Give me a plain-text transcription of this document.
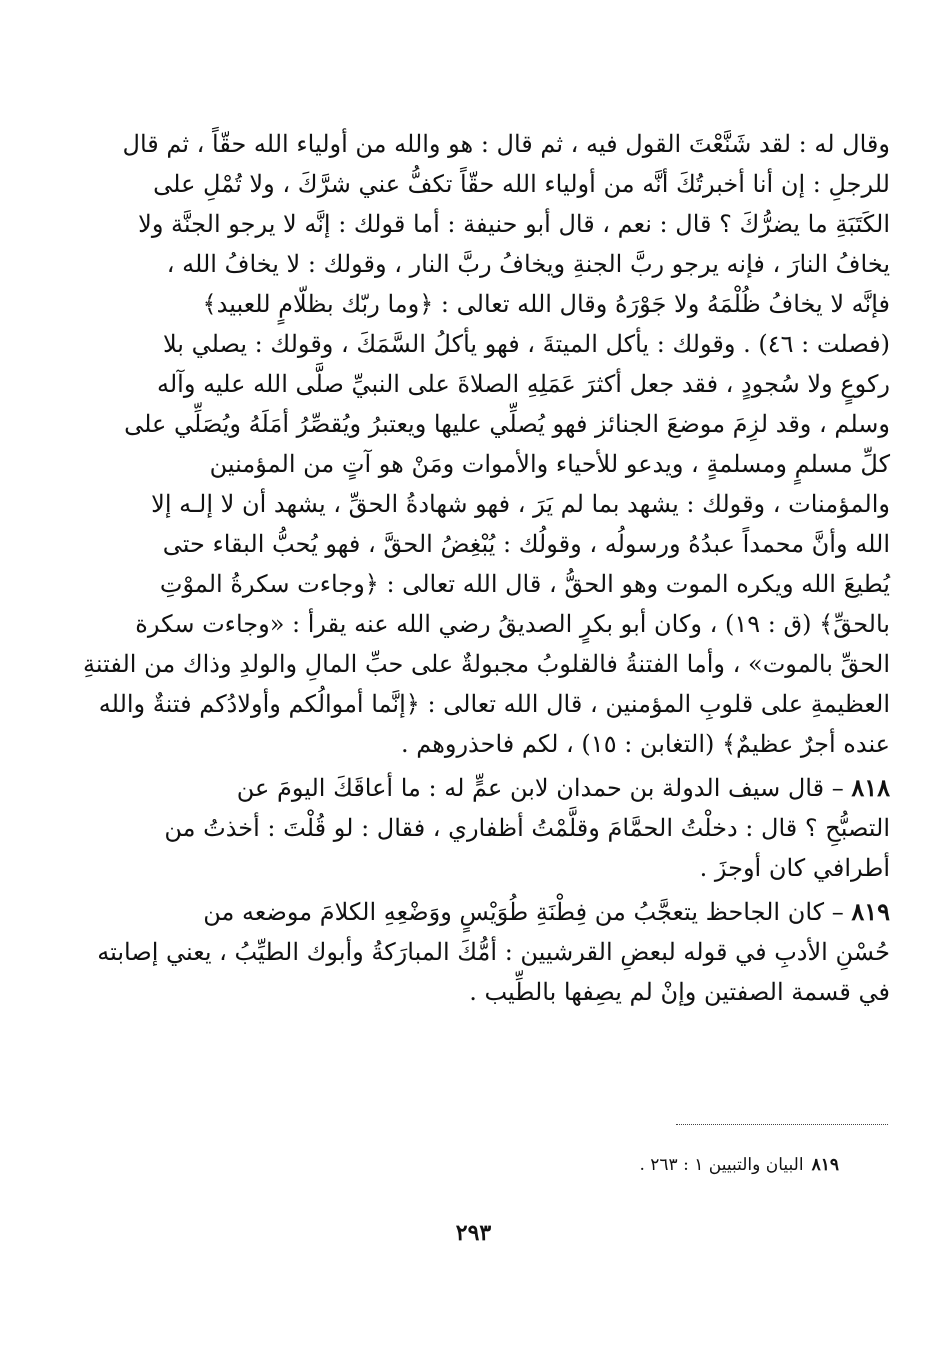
وقال له : لقد شَنَّعْتَ القول فيه ، ثم قال : هو والله من أولياء الله حقّاً ، ثم قال
للرجلِ : إن أنا أخبرتُكَ أنَّه من أولياء الله حقّاً تكفُّ عني شرَّكَ ، ولا تُمْلِ على
الكَتَبَةِ ما يضرُّكَ ؟ قال : نعم ، قال أبو حنيفة : أما قولك : إنَّه لا يرجو الجنَّة ولا
يخافُ النارَ ، فإنه يرجو ربَّ الجنةِ ويخافُ ربَّ النار ، وقولك : لا يخافُ الله ،
فإنَّه لا يخافُ ظُلْمَهُ ولا جَوْرَهُ وقال الله تعالى : ﴿وما ربّك بظلّامٍ للعبيد﴾
(فصلت : ٤٦) . وقولك : يأكل الميتةَ ، فهو يأكلُ السَّمَكَ ، وقولك : يصلي بلا
ركوعٍ ولا سُجودٍ ، فقد جعل أكثرَ عَمَلِهِ الصلاةَ على النبيِّ صلَّى الله عليه وآله
وسلم ، وقد لزِمَ موضعَ الجنائز فهو يُصلِّي عليها ويعتبرُ ويُقصِّرُ أمَلَهُ ويُصَلِّي على
كلِّ مسلمٍ ومسلمةٍ ، ويدعو للأحياء والأموات ومَنْ هو آتٍ من المؤمنين
والمؤمنات ، وقولك : يشهد بما لم يَرَ ، فهو شهادةُ الحقِّ ، يشهد أن لا إلـه إلا
الله وأنَّ محمداً عبدُهُ ورسولُه ، وقولُك : يُبْغِضُ الحقَّ ، فهو يُحبُّ البقاء حتى
يُطيعَ الله ويكره الموت وهو الحقُّ ، قال الله تعالى : ﴿وجاءت سكرةُ الموْتِ
بالحقِّ﴾ (ق : ١٩) ، وكان أبو بكرٍ الصديقُ رضي الله عنه يقرأ : «وجاءت سكرة
الحقِّ بالموت» ، وأما الفتنةُ فالقلوبُ مجبولةٌ على حبِّ المالِ والولدِ وذاك من الفتنةِ
العظيمةِ على قلوبِ المؤمنين ، قال الله تعالى : ﴿إنَّما أموالُكم وأولادُكم فتنةٌ والله
عنده أجرٌ عظيمٌ﴾ (التغابن : ١٥) ، لكم فاحذروهم .
٨١٨ – قال سيف الدولة بن حمدان لابن عمٍّ له : ما أعاقَكَ اليومَ عن
التصبُّحِ ؟ قال : دخلْتُ الحمَّامَ وقلَّمْتُ أظفاري ، فقال : لو قُلْتَ : أخذتُ من
أطرافي كان أوجزَ .
٨١٩ – كان الجاحظ يتعجَّبُ من فِطْنَةِ طُوَيْسٍ ووَضْعِهِ الكلامَ موضعه من
حُسْنِ الأدبِ في قوله لبعضِ القرشيين : أمُّكَ المبارَكةُ وأبوك الطيِّبُ ، يعني إصابته
في قسمة الصفتين وإنْ لم يصِفها بالطِّيب .
٨١٩البيان والتبيين ١ : ٢٦٣ .
٢٩٣
